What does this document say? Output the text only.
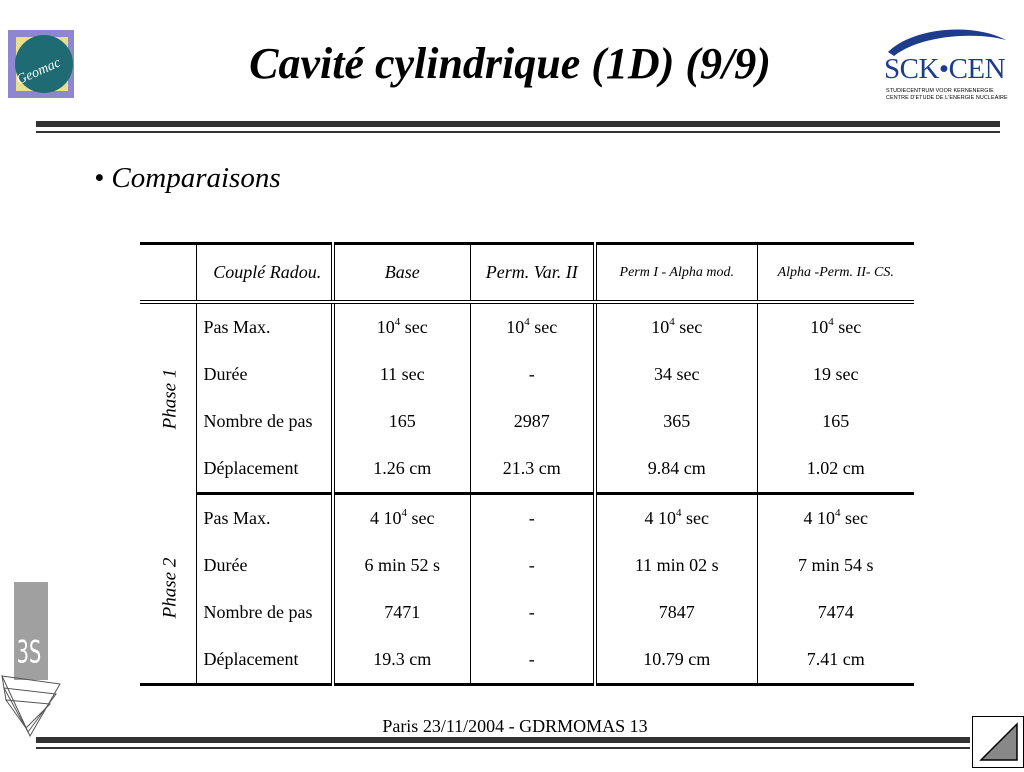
Geomac	Cavité cylindrique (1D) (9/9)	SCK•CEN
STUDIECENTRUM VOOR KERNENERGIE
CENTRE D'ETUDE DE L'ENERGIE NUCLEAIRE
• Comparaisons
	Couplé Radou.	Base	Perm. Var. II	Perm I - Alpha mod.	Alpha -Perm. II- CS.
Phase 1	Pas Max.	$10^4$ sec	$10^4$ sec	$10^4$ sec	$10^4$ sec
	Durée	11 sec	-	34 sec	19 sec
	Nombre de pas	165	2987	365	165
	Déplacement	1.26 cm	21.3 cm	9.84 cm	1.02 cm
Phase 2	Pas Max.	4 $10^4$ sec	-	4 $10^4$ sec	4 $10^4$ sec
	Durée	6 min 52 s	-	11 min 02 s	7 min 54 s
	Nombre de pas	7471	-	7847	7474
	Déplacement	19.3 cm	-	10.79 cm	7.41 cm
3S
Paris 23/11/2004 - GDRMOMAS 13
